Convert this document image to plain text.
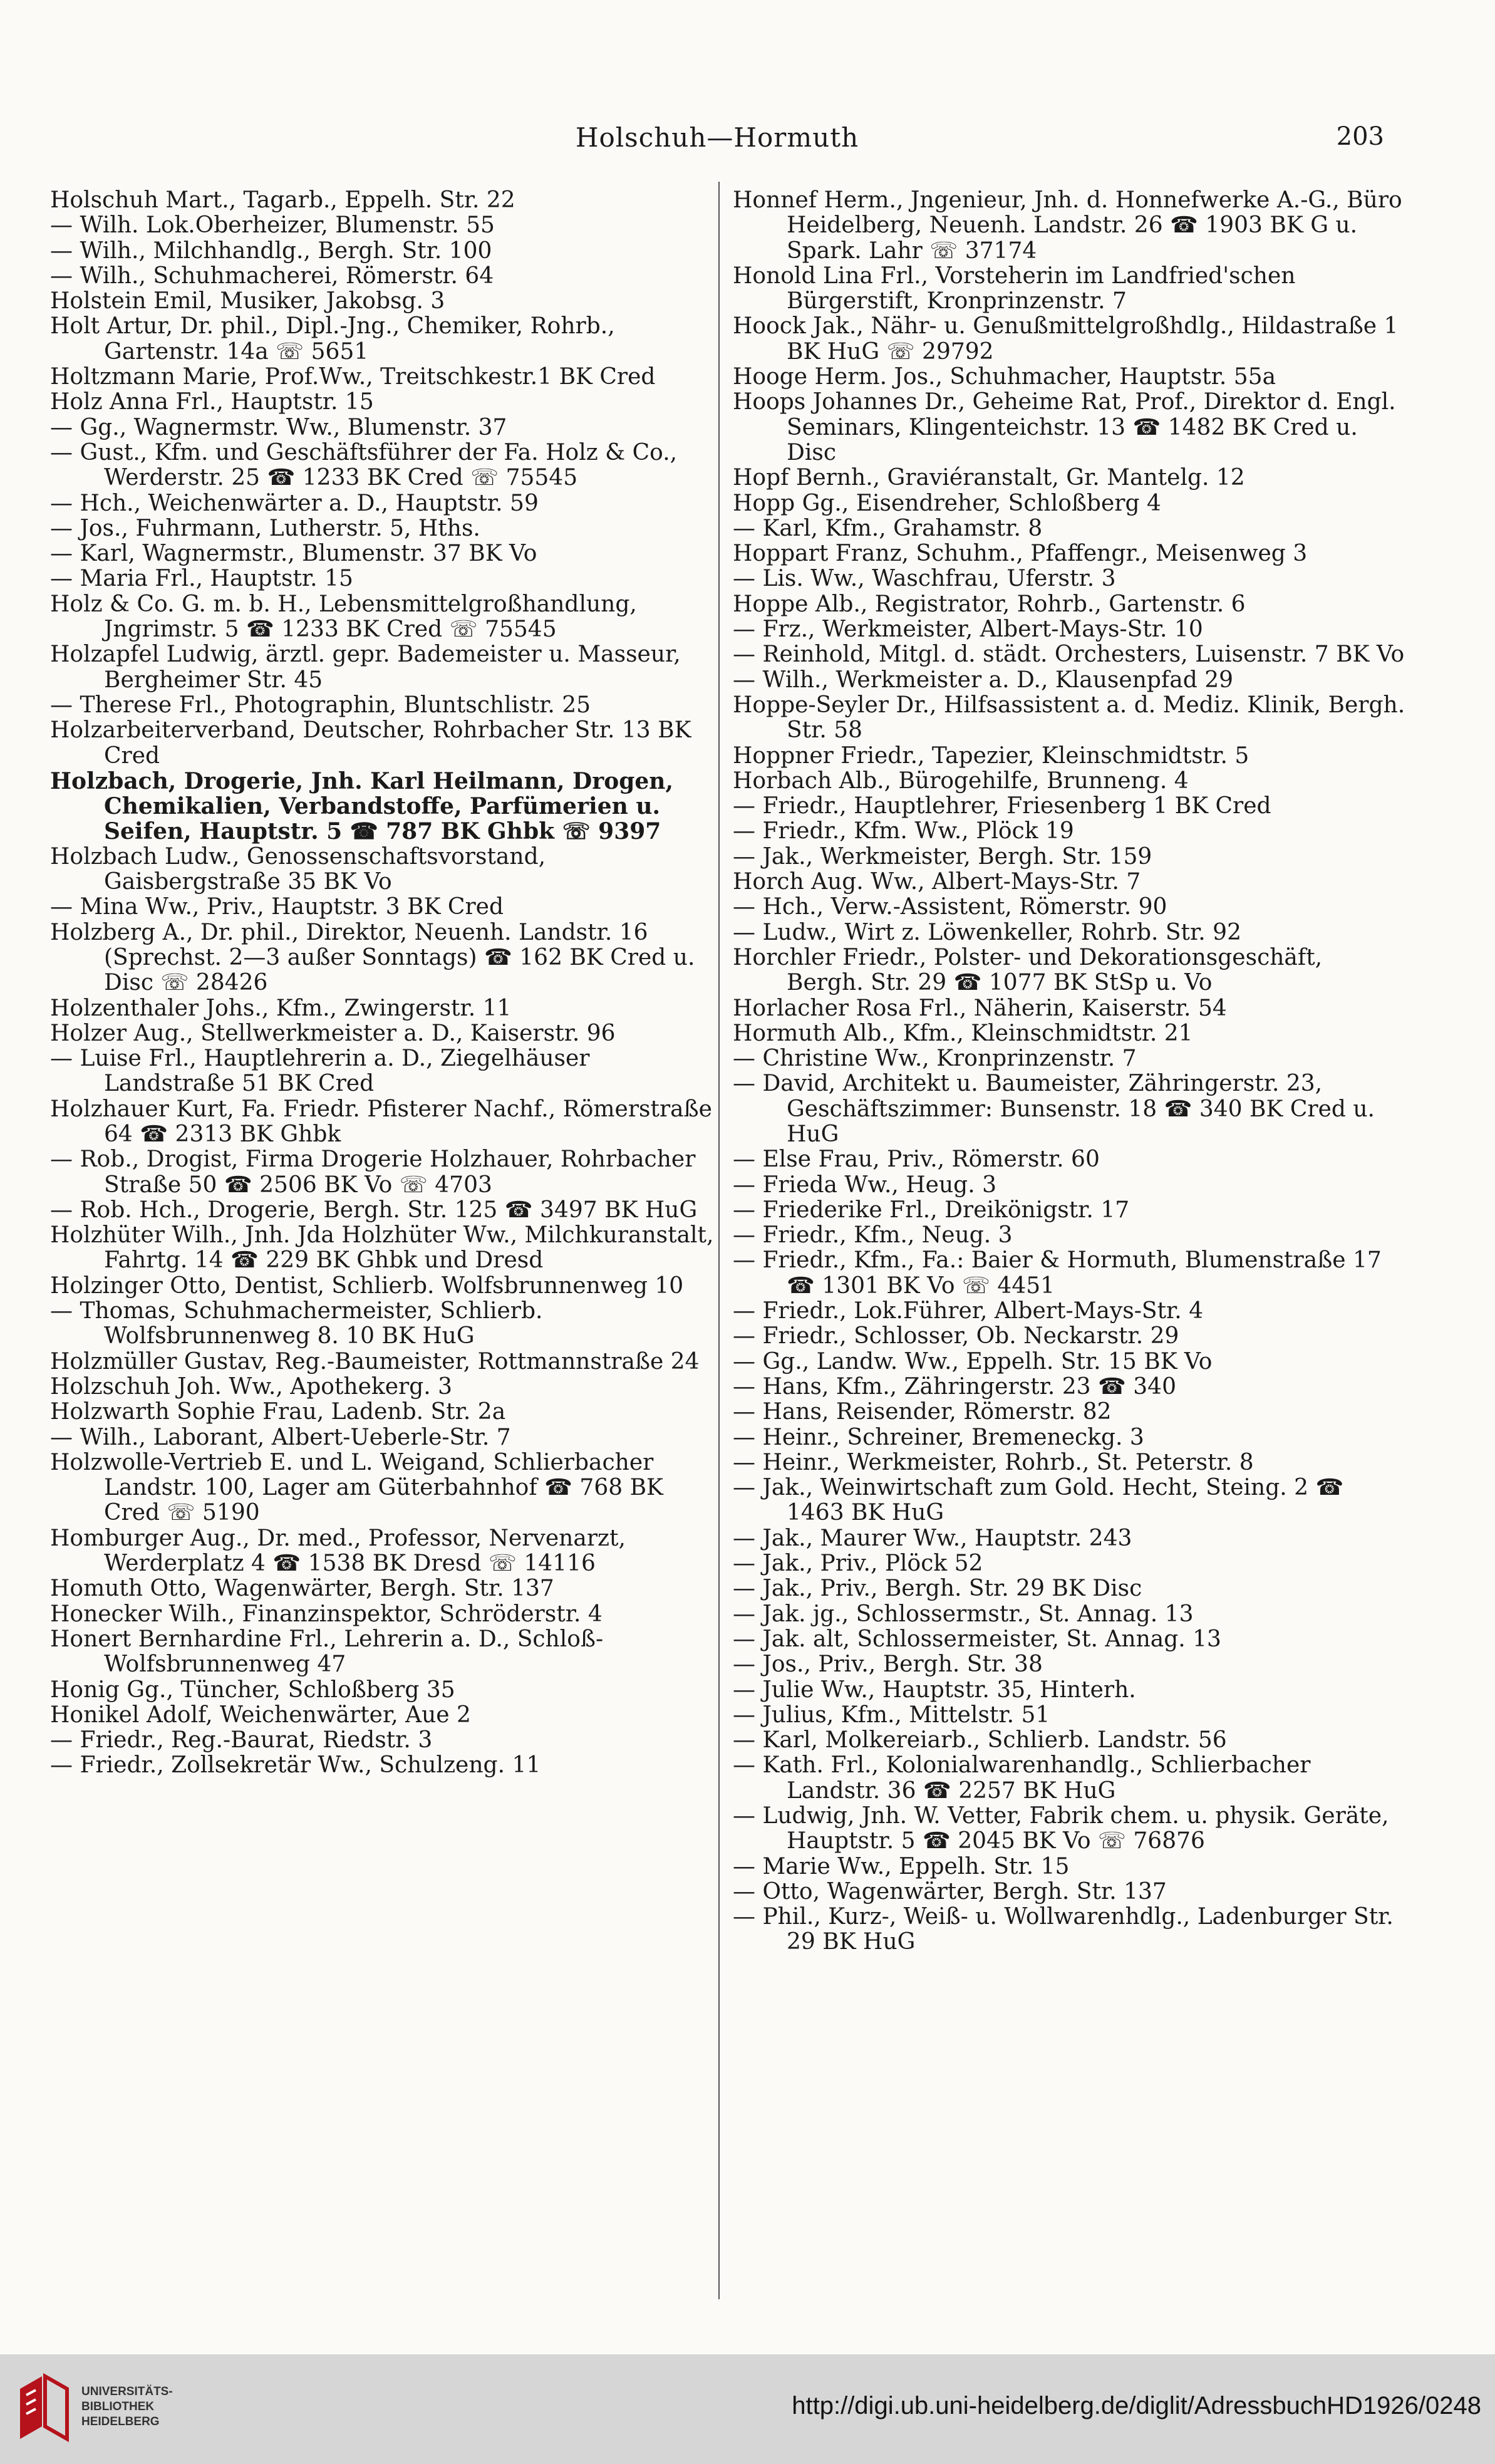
Holschuh—Hormuth	203
Holschuh Mart., Tagarb., Eppelh. Str. 22
— Wilh. Lok.Oberheizer, Blumenstr. 55
— Wilh., Milchhandlg., Bergh. Str. 100
— Wilh., Schuhmacherei, Römerstr. 64
Holstein Emil, Musiker, Jakobsg. 3
Holt Artur, Dr. phil., Dipl.-Jng., Chemiker, Rohrb., Gartenstr. 14a ☏ 5651
Holtzmann Marie, Prof.Ww., Treitschkestr.1 BK Cred
Holz Anna Frl., Hauptstr. 15
— Gg., Wagnermstr. Ww., Blumenstr. 37
— Gust., Kfm. und Geschäftsführer der Fa. Holz & Co., Werderstr. 25 ☎ 1233 BK Cred ☏ 75545
— Hch., Weichenwärter a. D., Hauptstr. 59
— Jos., Fuhrmann, Lutherstr. 5, Hths.
— Karl, Wagnermstr., Blumenstr. 37 BK Vo
— Maria Frl., Hauptstr. 15
Holz & Co. G. m. b. H., Lebensmittelgroßhandlung, Jngrimstr. 5 ☎ 1233 BK Cred ☏ 75545
Holzapfel Ludwig, ärztl. gepr. Bademeister u. Masseur, Bergheimer Str. 45
— Therese Frl., Photographin, Bluntschlistr. 25
Holzarbeiterverband, Deutscher, Rohrbacher Str. 13 BK Cred
Holzbach, Drogerie, Jnh. Karl Heilmann, Drogen, Chemikalien, Verbandstoffe, Parfümerien u. Seifen, Hauptstr. 5 ☎ 787 BK Ghbk ☏ 9397
Holzbach Ludw., Genossenschaftsvorstand, Gaisbergstraße 35 BK Vo
— Mina Ww., Priv., Hauptstr. 3 BK Cred
Holzberg A., Dr. phil., Direktor, Neuenh. Landstr. 16 (Sprechst. 2—3 außer Sonntags) ☎ 162 BK Cred u. Disc ☏ 28426
Holzenthaler Johs., Kfm., Zwingerstr. 11
Holzer Aug., Stellwerkmeister a. D., Kaiserstr. 96
— Luise Frl., Hauptlehrerin a. D., Ziegelhäuser Landstraße 51 BK Cred
Holzhauer Kurt, Fa. Friedr. Pfisterer Nachf., Römerstraße 64 ☎ 2313 BK Ghbk
— Rob., Drogist, Firma Drogerie Holzhauer, Rohrbacher Straße 50 ☎ 2506 BK Vo ☏ 4703
— Rob. Hch., Drogerie, Bergh. Str. 125 ☎ 3497 BK HuG
Holzhüter Wilh., Jnh. Jda Holzhüter Ww., Milchkuranstalt, Fahrtg. 14 ☎ 229 BK Ghbk und Dresd
Holzinger Otto, Dentist, Schlierb. Wolfsbrunnenweg 10
— Thomas, Schuhmachermeister, Schlierb. Wolfsbrunnenweg 8. 10 BK HuG
Holzmüller Gustav, Reg.-Baumeister, Rottmannstraße 24
Holzschuh Joh. Ww., Apothekerg. 3
Holzwarth Sophie Frau, Ladenb. Str. 2a
— Wilh., Laborant, Albert-Ueberle-Str. 7
Holzwolle-Vertrieb E. und L. Weigand, Schlierbacher Landstr. 100, Lager am Güterbahnhof ☎ 768 BK Cred ☏ 5190
Homburger Aug., Dr. med., Professor, Nervenarzt, Werderplatz 4 ☎ 1538 BK Dresd ☏ 14116
Homuth Otto, Wagenwärter, Bergh. Str. 137
Honecker Wilh., Finanzinspektor, Schröderstr. 4
Honert Bernhardine Frl., Lehrerin a. D., Schloß-Wolfsbrunnenweg 47
Honig Gg., Tüncher, Schloßberg 35
Honikel Adolf, Weichenwärter, Aue 2
— Friedr., Reg.-Baurat, Riedstr. 3
— Friedr., Zollsekretär Ww., Schulzeng. 11
Honnef Herm., Jngenieur, Jnh. d. Honnefwerke A.-G., Büro Heidelberg, Neuenh. Landstr. 26 ☎ 1903 BK G u. Spark. Lahr ☏ 37174
Honold Lina Frl., Vorsteherin im Landfried'schen Bürgerstift, Kronprinzenstr. 7
Hoock Jak., Nähr- u. Genußmittelgroßhdlg., Hildastraße 1 BK HuG ☏ 29792
Hooge Herm. Jos., Schuhmacher, Hauptstr. 55a
Hoops Johannes Dr., Geheime Rat, Prof., Direktor d. Engl. Seminars, Klingenteichstr. 13 ☎ 1482 BK Cred u. Disc
Hopf Bernh., Graviéranstalt, Gr. Mantelg. 12
Hopp Gg., Eisendreher, Schloßberg 4
— Karl, Kfm., Grahamstr. 8
Hoppart Franz, Schuhm., Pfaffengr., Meisenweg 3
— Lis. Ww., Waschfrau, Uferstr. 3
Hoppe Alb., Registrator, Rohrb., Gartenstr. 6
— Frz., Werkmeister, Albert-Mays-Str. 10
— Reinhold, Mitgl. d. städt. Orchesters, Luisenstr. 7 BK Vo
— Wilh., Werkmeister a. D., Klausenpfad 29
Hoppe-Seyler Dr., Hilfsassistent a. d. Mediz. Klinik, Bergh. Str. 58
Hoppner Friedr., Tapezier, Kleinschmidtstr. 5
Horbach Alb., Bürogehilfe, Brunneng. 4
— Friedr., Hauptlehrer, Friesenberg 1 BK Cred
— Friedr., Kfm. Ww., Plöck 19
— Jak., Werkmeister, Bergh. Str. 159
Horch Aug. Ww., Albert-Mays-Str. 7
— Hch., Verw.-Assistent, Römerstr. 90
— Ludw., Wirt z. Löwenkeller, Rohrb. Str. 92
Horchler Friedr., Polster- und Dekorationsgeschäft, Bergh. Str. 29 ☎ 1077 BK StSp u. Vo
Horlacher Rosa Frl., Näherin, Kaiserstr. 54
Hormuth Alb., Kfm., Kleinschmidtstr. 21
— Christine Ww., Kronprinzenstr. 7
— David, Architekt u. Baumeister, Zähringerstr. 23, Geschäftszimmer: Bunsenstr. 18 ☎ 340 BK Cred u. HuG
— Else Frau, Priv., Römerstr. 60
— Frieda Ww., Heug. 3
— Friederike Frl., Dreikönigstr. 17
— Friedr., Kfm., Neug. 3
— Friedr., Kfm., Fa.: Baier & Hormuth, Blumenstraße 17 ☎ 1301 BK Vo ☏ 4451
— Friedr., Lok.Führer, Albert-Mays-Str. 4
— Friedr., Schlosser, Ob. Neckarstr. 29
— Gg., Landw. Ww., Eppelh. Str. 15 BK Vo
— Hans, Kfm., Zähringerstr. 23 ☎ 340
— Hans, Reisender, Römerstr. 82
— Heinr., Schreiner, Bremeneckg. 3
— Heinr., Werkmeister, Rohrb., St. Peterstr. 8
— Jak., Weinwirtschaft zum Gold. Hecht, Steing. 2 ☎ 1463 BK HuG
— Jak., Maurer Ww., Hauptstr. 243
— Jak., Priv., Plöck 52
— Jak., Priv., Bergh. Str. 29 BK Disc
— Jak. jg., Schlossermstr., St. Annag. 13
— Jak. alt, Schlossermeister, St. Annag. 13
— Jos., Priv., Bergh. Str. 38
— Julie Ww., Hauptstr. 35, Hinterh.
— Julius, Kfm., Mittelstr. 51
— Karl, Molkereiarb., Schlierb. Landstr. 56
— Kath. Frl., Kolonialwarenhandlg., Schlierbacher Landstr. 36 ☎ 2257 BK HuG
— Ludwig, Jnh. W. Vetter, Fabrik chem. u. physik. Geräte, Hauptstr. 5 ☎ 2045 BK Vo ☏ 76876
— Marie Ww., Eppelh. Str. 15
— Otto, Wagenwärter, Bergh. Str. 137
— Phil., Kurz-, Weiß- u. Wollwarenhdlg., Ladenburger Str. 29 BK HuG
UNIVERSITÄTS-
BIBLIOTHEK
HEIDELBERG
http://digi.ub.uni-heidelberg.de/diglit/AdressbuchHD1926/0248
